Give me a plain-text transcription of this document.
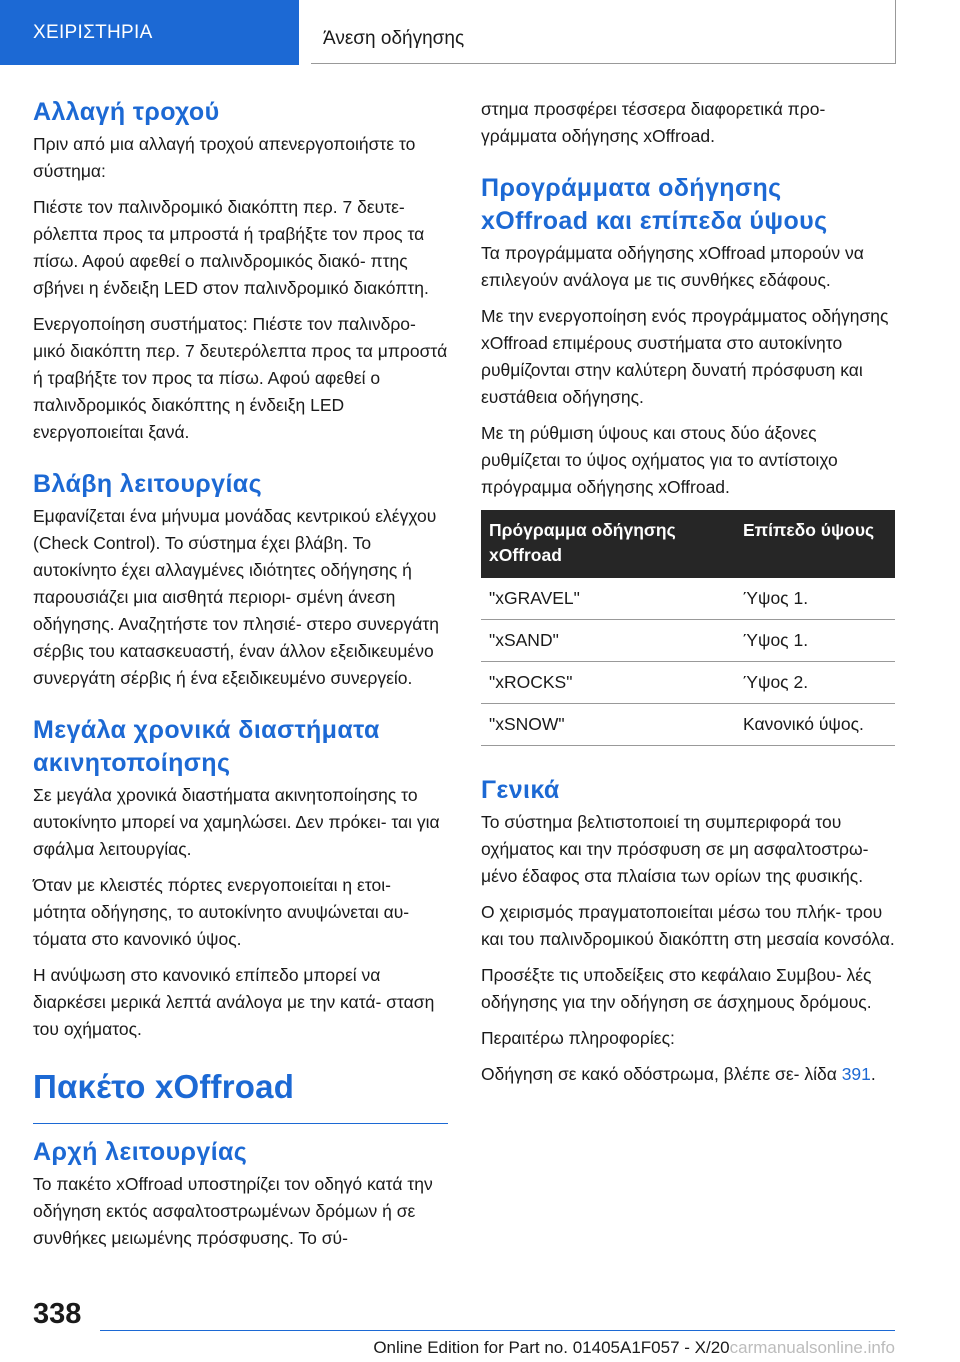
ΧΕΙΡΙΣΤΗΡΙΑ	Άνεση οδήγησης
Αλλαγή τροχού

Πριν από μια αλλαγή τροχού απενεργοποιήστε το σύστημα:

Πιέστε τον παλινδρομικό διακόπτη περ. 7 δευτε- ρόλεπτα προς τα μπροστά ή τραβήξτε τον προς τα πίσω. Αφού αφεθεί ο παλινδρομικός διακό- πτης σβήνει η ένδειξη LED στον παλινδρομικό διακόπτη.

Ενεργοποίηση συστήματος: Πιέστε τον παλινδρο- μικό διακόπτη περ. 7 δευτερόλεπτα προς τα μπροστά ή τραβήξτε τον προς τα πίσω. Αφού αφεθεί ο παλινδρομικός διακόπτης η ένδειξη LED ενεργοποιείται ξανά.

Βλάβη λειτουργίας

Εμφανίζεται ένα μήνυμα μονάδας κεντρικού ελέγχου (Check Control). Το σύστημα έχει βλάβη. Το αυτοκίνητο έχει αλλαγμένες ιδιότητες οδήγησης ή παρουσιάζει μια αισθητά περιορι- σμένη άνεση οδήγησης. Αναζητήστε τον πλησιέ- στερο συνεργάτη σέρβις του κατασκευαστή, έναν άλλον εξειδικευμένο συνεργάτη σέρβις ή ένα εξειδικευμένο συνεργείο.

Μεγάλα χρονικά διαστήματα ακινητοποίησης

Σε μεγάλα χρονικά διαστήματα ακινητοποίησης το αυτοκίνητο μπορεί να χαμηλώσει. Δεν πρόκει- ται για σφάλμα λειτουργίας.

Όταν με κλειστές πόρτες ενεργοποιείται η ετοι- μότητα οδήγησης, το αυτοκίνητο ανυψώνεται αυ- τόματα στο κανονικό ύψος.

Η ανύψωση στο κανονικό επίπεδο μπορεί να διαρκέσει μερικά λεπτά ανάλογα με την κατά- σταση του οχήματος.

Πακέτο xOffroad
Αρχή λειτουργίας

Το πακέτο xOffroad υποστηρίζει τον οδηγό κατά την οδήγηση εκτός ασφαλτοστρωμένων δρόμων ή σε συνθήκες μειωμένης πρόσφυσης. Το σύ-

στημα προσφέρει τέσσερα διαφορετικά προ- γράμματα οδήγησης xOffroad.

Προγράμματα οδήγησης xOffroad και επίπεδα ύψους

Τα προγράμματα οδήγησης xOffroad μπορούν να επιλεγούν ανάλογα με τις συνθήκες εδάφους.

Με την ενεργοποίηση ενός προγράμματος οδήγησης xOffroad επιμέρους συστήματα στο αυτοκίνητο ρυθμίζονται στην καλύτερη δυνατή πρόσφυση και ευστάθεια οδήγησης.

Με τη ρύθμιση ύψους και στους δύο άξονες ρυθμίζεται το ύψος οχήματος για το αντίστοιχο πρόγραμμα οδήγησης xOffroad.

Πρόγραμμα οδήγησης xOffroad	Επίπεδο ύψους
"xGRAVEL"	Ύψος 1.
"xSAND"	Ύψος 1.
"xROCKS"	Ύψος 2.
"xSNOW"	Κανονικό ύψος.
Γενικά

Το σύστημα βελτιστοποιεί τη συμπεριφορά του οχήματος και την πρόσφυση σε μη ασφαλτοστρω- μένο έδαφος στα πλαίσια των ορίων της φυσικής.

Ο χειρισμός πραγματοποιείται μέσω του πλήκ- τρου και του παλινδρομικού διακόπτη στη μεσαία κονσόλα.

Προσέξτε τις υποδείξεις στο κεφάλαιο Συμβου- λές οδήγησης για την οδήγηση σε άσχημους δρόμους.

Περαιτέρω πληροφορίες:

Οδήγηση σε κακό οδόστρωμα, βλέπε σε- λίδα 391.

338
Online Edition for Part no. 01405A1F057 - X/20carmanualsonline.info
